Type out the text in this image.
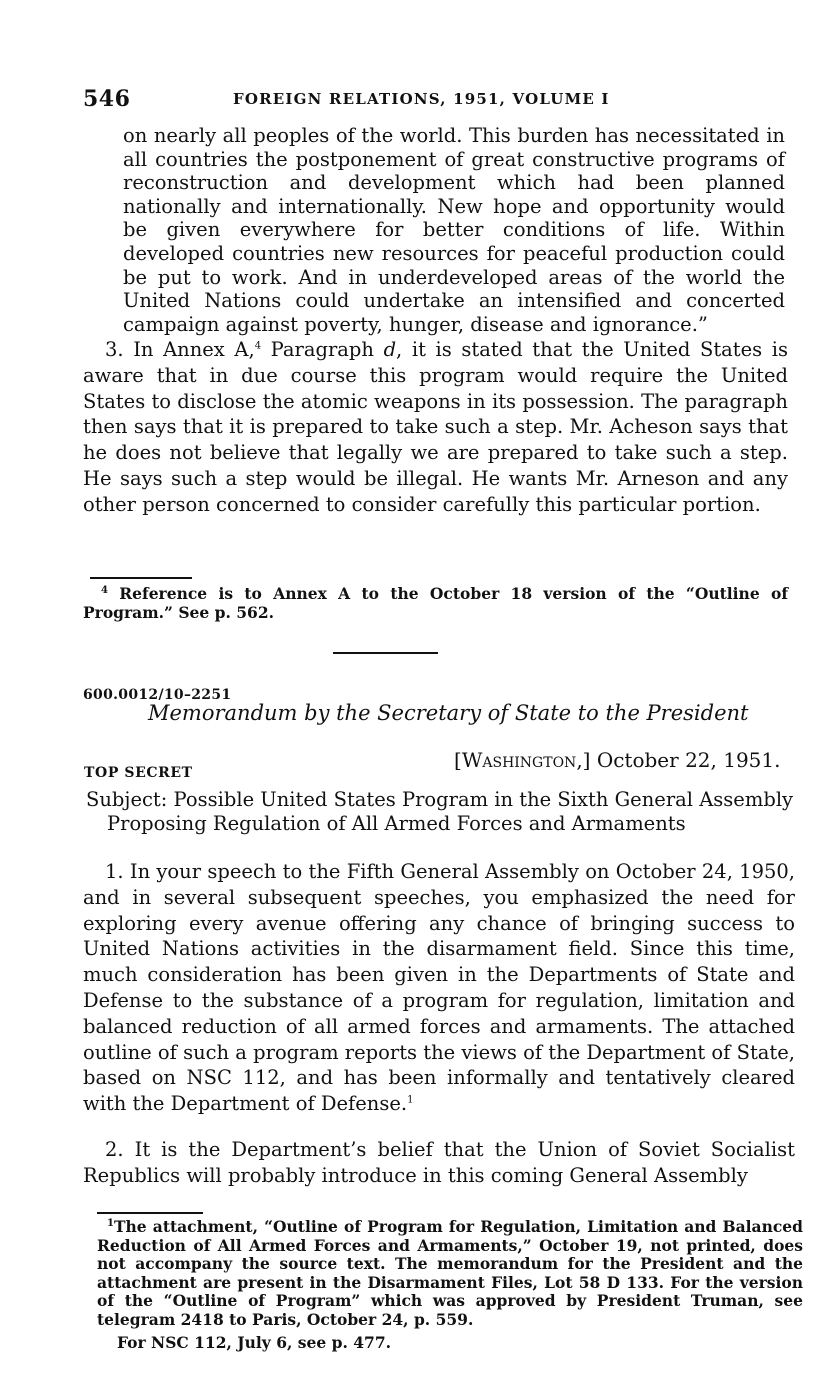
546	FOREIGN RELATIONS, 1951, VOLUME I
on nearly all peoples of the world. This burden has necessitated in all countries the postponement of great constructive programs of reconstruction and development which had been planned nationally and internationally. New hope and opportunity would be given everywhere for better conditions of life. Within developed countries new resources for peaceful production could be put to work. And in underdeveloped areas of the world the United Nations could undertake an intensified and concerted campaign against poverty, hunger, disease and ignorance.”
3. In Annex A,$^4$ Paragraph d, it is stated that the United States is aware that in due course this program would require the United States to disclose the atomic weapons in its possession. The paragraph then says that it is prepared to take such a step. Mr. Acheson says that he does not believe that legally we are prepared to take such a step. He says such a step would be illegal. He wants Mr. Arneson and any other person concerned to consider carefully this particular portion.
$^4$ Reference is to Annex A to the October 18 version of the “Outline of Program.” See p. 562.
600.0012/10–2251
Memorandum by the Secretary of State to the President
TOP SECRET
[Washington,] October 22, 1951.
Subject: Possible United States Program in the Sixth General Assembly Proposing Regulation of All Armed Forces and Armaments
1. In your speech to the Fifth General Assembly on October 24, 1950, and in several subsequent speeches, you emphasized the need for exploring every avenue offering any chance of bringing success to United Nations activities in the disarmament field. Since this time, much consideration has been given in the Departments of State and Defense to the substance of a program for regulation, limitation and balanced reduction of all armed forces and armaments. The attached outline of such a program reports the views of the Department of State, based on NSC 112, and has been informally and tentatively cleared with the Department of Defense.$^1$
2. It is the Department’s belief that the Union of Soviet Socialist Republics will probably introduce in this coming General Assembly
$^1$The attachment, “Outline of Program for Regulation, Limitation and Balanced Reduction of All Armed Forces and Armaments,” October 19, not printed, does not accompany the source text. The memorandum for the President and the attachment are present in the Disarmament Files, Lot 58 D 133. For the version of the “Outline of Program” which was approved by President Truman, see telegram 2418 to Paris, October 24, p. 559.
For NSC 112, July 6, see p. 477.
